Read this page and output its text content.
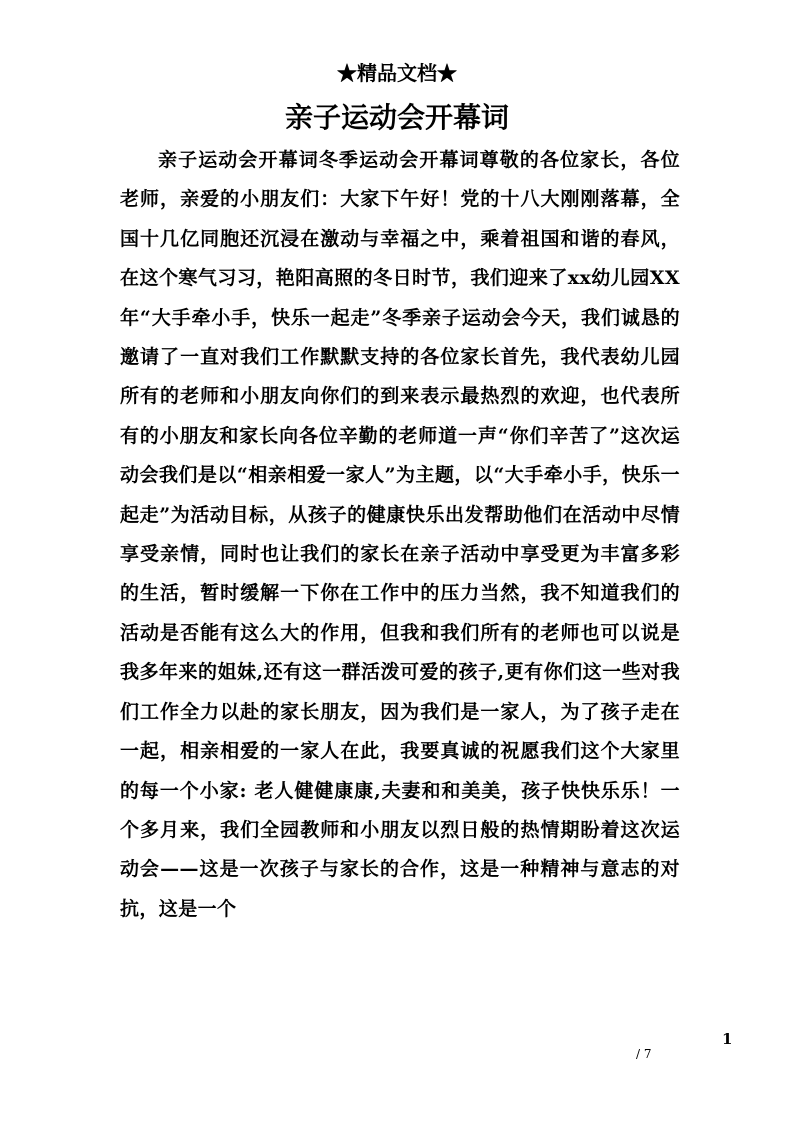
★精品文档★
亲子运动会开幕词

亲子运动会开幕词冬季运动会开幕词尊敬的各位家长，各位老师，亲爱的小朋友们：大家下午好！党的十八大刚刚落幕，全国十几亿同胞还沉浸在激动与幸福之中，乘着祖国和谐的春风，在这个寒气习习，艳阳高照的冬日时节，我们迎来了xx幼儿园XX年“大手牵小手，快乐一起走”冬季亲子运动会今天，我们诚恳的邀请了一直对我们工作默默支持的各位家长首先，我代表幼儿园所有的老师和小朋友向你们的到来表示最热烈的欢迎，也代表所有的小朋友和家长向各位辛勤的老师道一声“你们辛苦了”这次运动会我们是以“相亲相爱一家人”为主题，以“大手牵小手，快乐一起走”为活动目标，从孩子的健康快乐出发帮助他们在活动中尽情享受亲情，同时也让我们的家长在亲子活动中享受更为丰富多彩的生活，暂时缓解一下你在工作中的压力当然，我不知道我们的活动是否能有这么大的作用，但我和我们所有的老师也可以说是我多年来的姐妹,还有这一群活泼可爱的孩子,更有你们这一些对我们工作全力以赴的家长朋友，因为我们是一家人，为了孩子走在一起，相亲相爱的一家人在此，我要真诚的祝愿我们这个大家里的每一个小家: 老人健健康康,夫妻和和美美，孩子快快乐乐！一个多月来，我们全园教师和小朋友以烈日般的热情期盼着这次运动会——这是一次孩子与家长的合作，这是一种精神与意志的对抗，这是一个

1
/ 7
